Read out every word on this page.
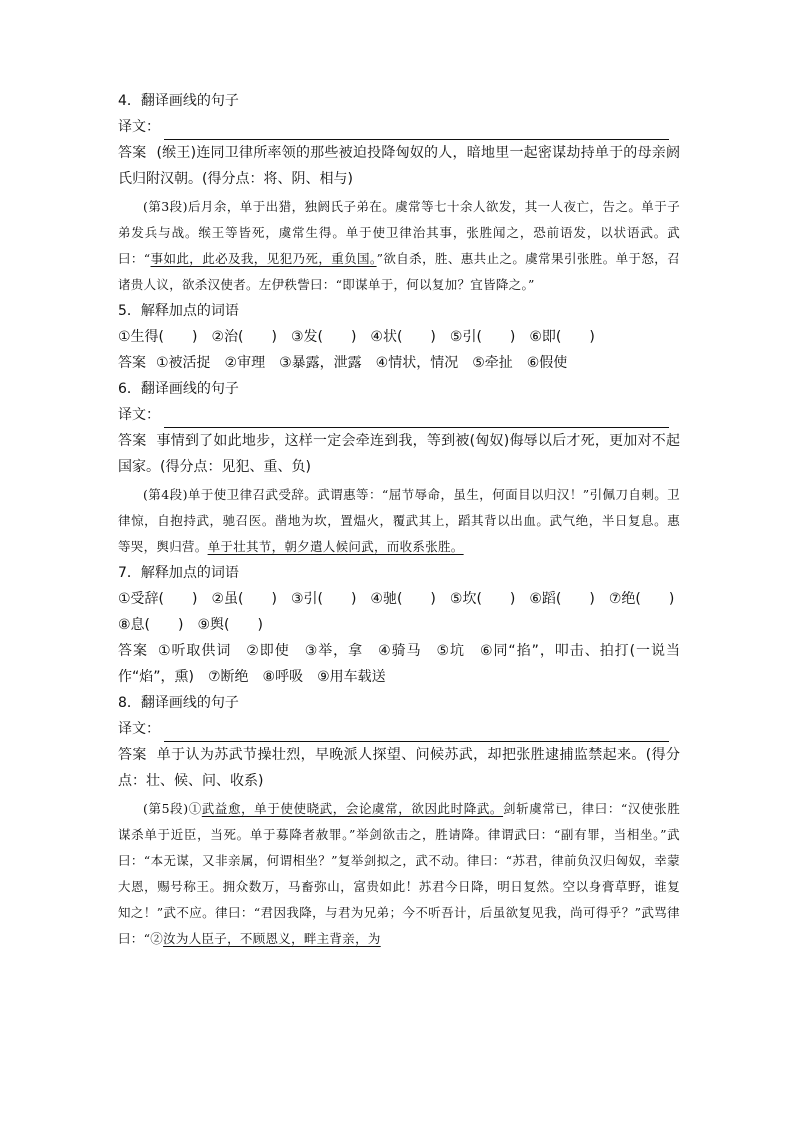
4．翻译画线的句子
译文：
答案 (缑王)连同卫律所率领的那些被迫投降匈奴的人，暗地里一起密谋劫持单于的母亲阏氏归附汉朝。(得分点：将、阴、相与)
(第3段)后月余，单于出猎，独阏氏子弟在。虞常等七十余人欲发，其一人夜亡，告之。单于子弟发兵与战。缑王等皆死，虞常生得。单于使卫律治其事，张胜闻之，恐前语发，以状语武。武曰：“事如此，此必及我，见犯乃死，重负国。”欲自杀，胜、惠共止之。虞常果引张胜。单于怒，召诸贵人议，欲杀汉使者。左伊秩訾曰：“即谋单于，何以复加？宜皆降之。”
5．解释加点的词语
①生得(　　)　②治(　　)　③发(　　)　④状(　　)　⑤引(　　)　⑥即(　　)
答案 ①被活捉　②审理　③暴露，泄露　④情状，情况　⑤牵扯　⑥假使
6．翻译画线的句子
译文：
答案 事情到了如此地步，这样一定会牵连到我，等到被(匈奴)侮辱以后才死，更加对不起国家。(得分点：见犯、重、负)
(第4段)单于使卫律召武受辞。武谓惠等：“屈节辱命，虽生，何面目以归汉！”引佩刀自刺。卫律惊，自抱持武，驰召医。凿地为坎，置煴火，覆武其上，蹈其背以出血。武气绝，半日复息。惠等哭，舆归营。单于壮其节，朝夕遣人候问武，而收系张胜。
7．解释加点的词语
①受辞(　　)　②虽(　　)　③引(　　)　④驰(　　)　⑤坎(　　)　⑥蹈(　　)　⑦绝(　　)
⑧息(　　)　⑨舆(　　)
答案 ①听取供词　②即使　③举，拿　④骑马　⑤坑　⑥同“掐”，叩击、拍打(一说当作“焰”，熏)　⑦断绝　⑧呼吸　⑨用车载送
8．翻译画线的句子
译文：
答案 单于认为苏武节操壮烈，早晚派人探望、问候苏武，却把张胜逮捕监禁起来。(得分点：壮、候、问、收系)
(第5段)①武益愈，单于使使晓武，会论虞常，欲因此时降武。剑斩虞常已，律曰：“汉使张胜谋杀单于近臣，当死。单于募降者赦罪。”举剑欲击之，胜请降。律谓武曰：“副有罪，当相坐。”武曰：“本无谋，又非亲属，何谓相坐？”复举剑拟之，武不动。律曰：“苏君，律前负汉归匈奴，幸蒙大恩，赐号称王。拥众数万，马畜弥山，富贵如此！苏君今日降，明日复然。空以身膏草野，谁复知之！”武不应。律曰：“君因我降，与君为兄弟；今不听吾计，后虽欲复见我，尚可得乎？”武骂律曰：“②汝为人臣子，不顾恩义，畔主背亲，为
